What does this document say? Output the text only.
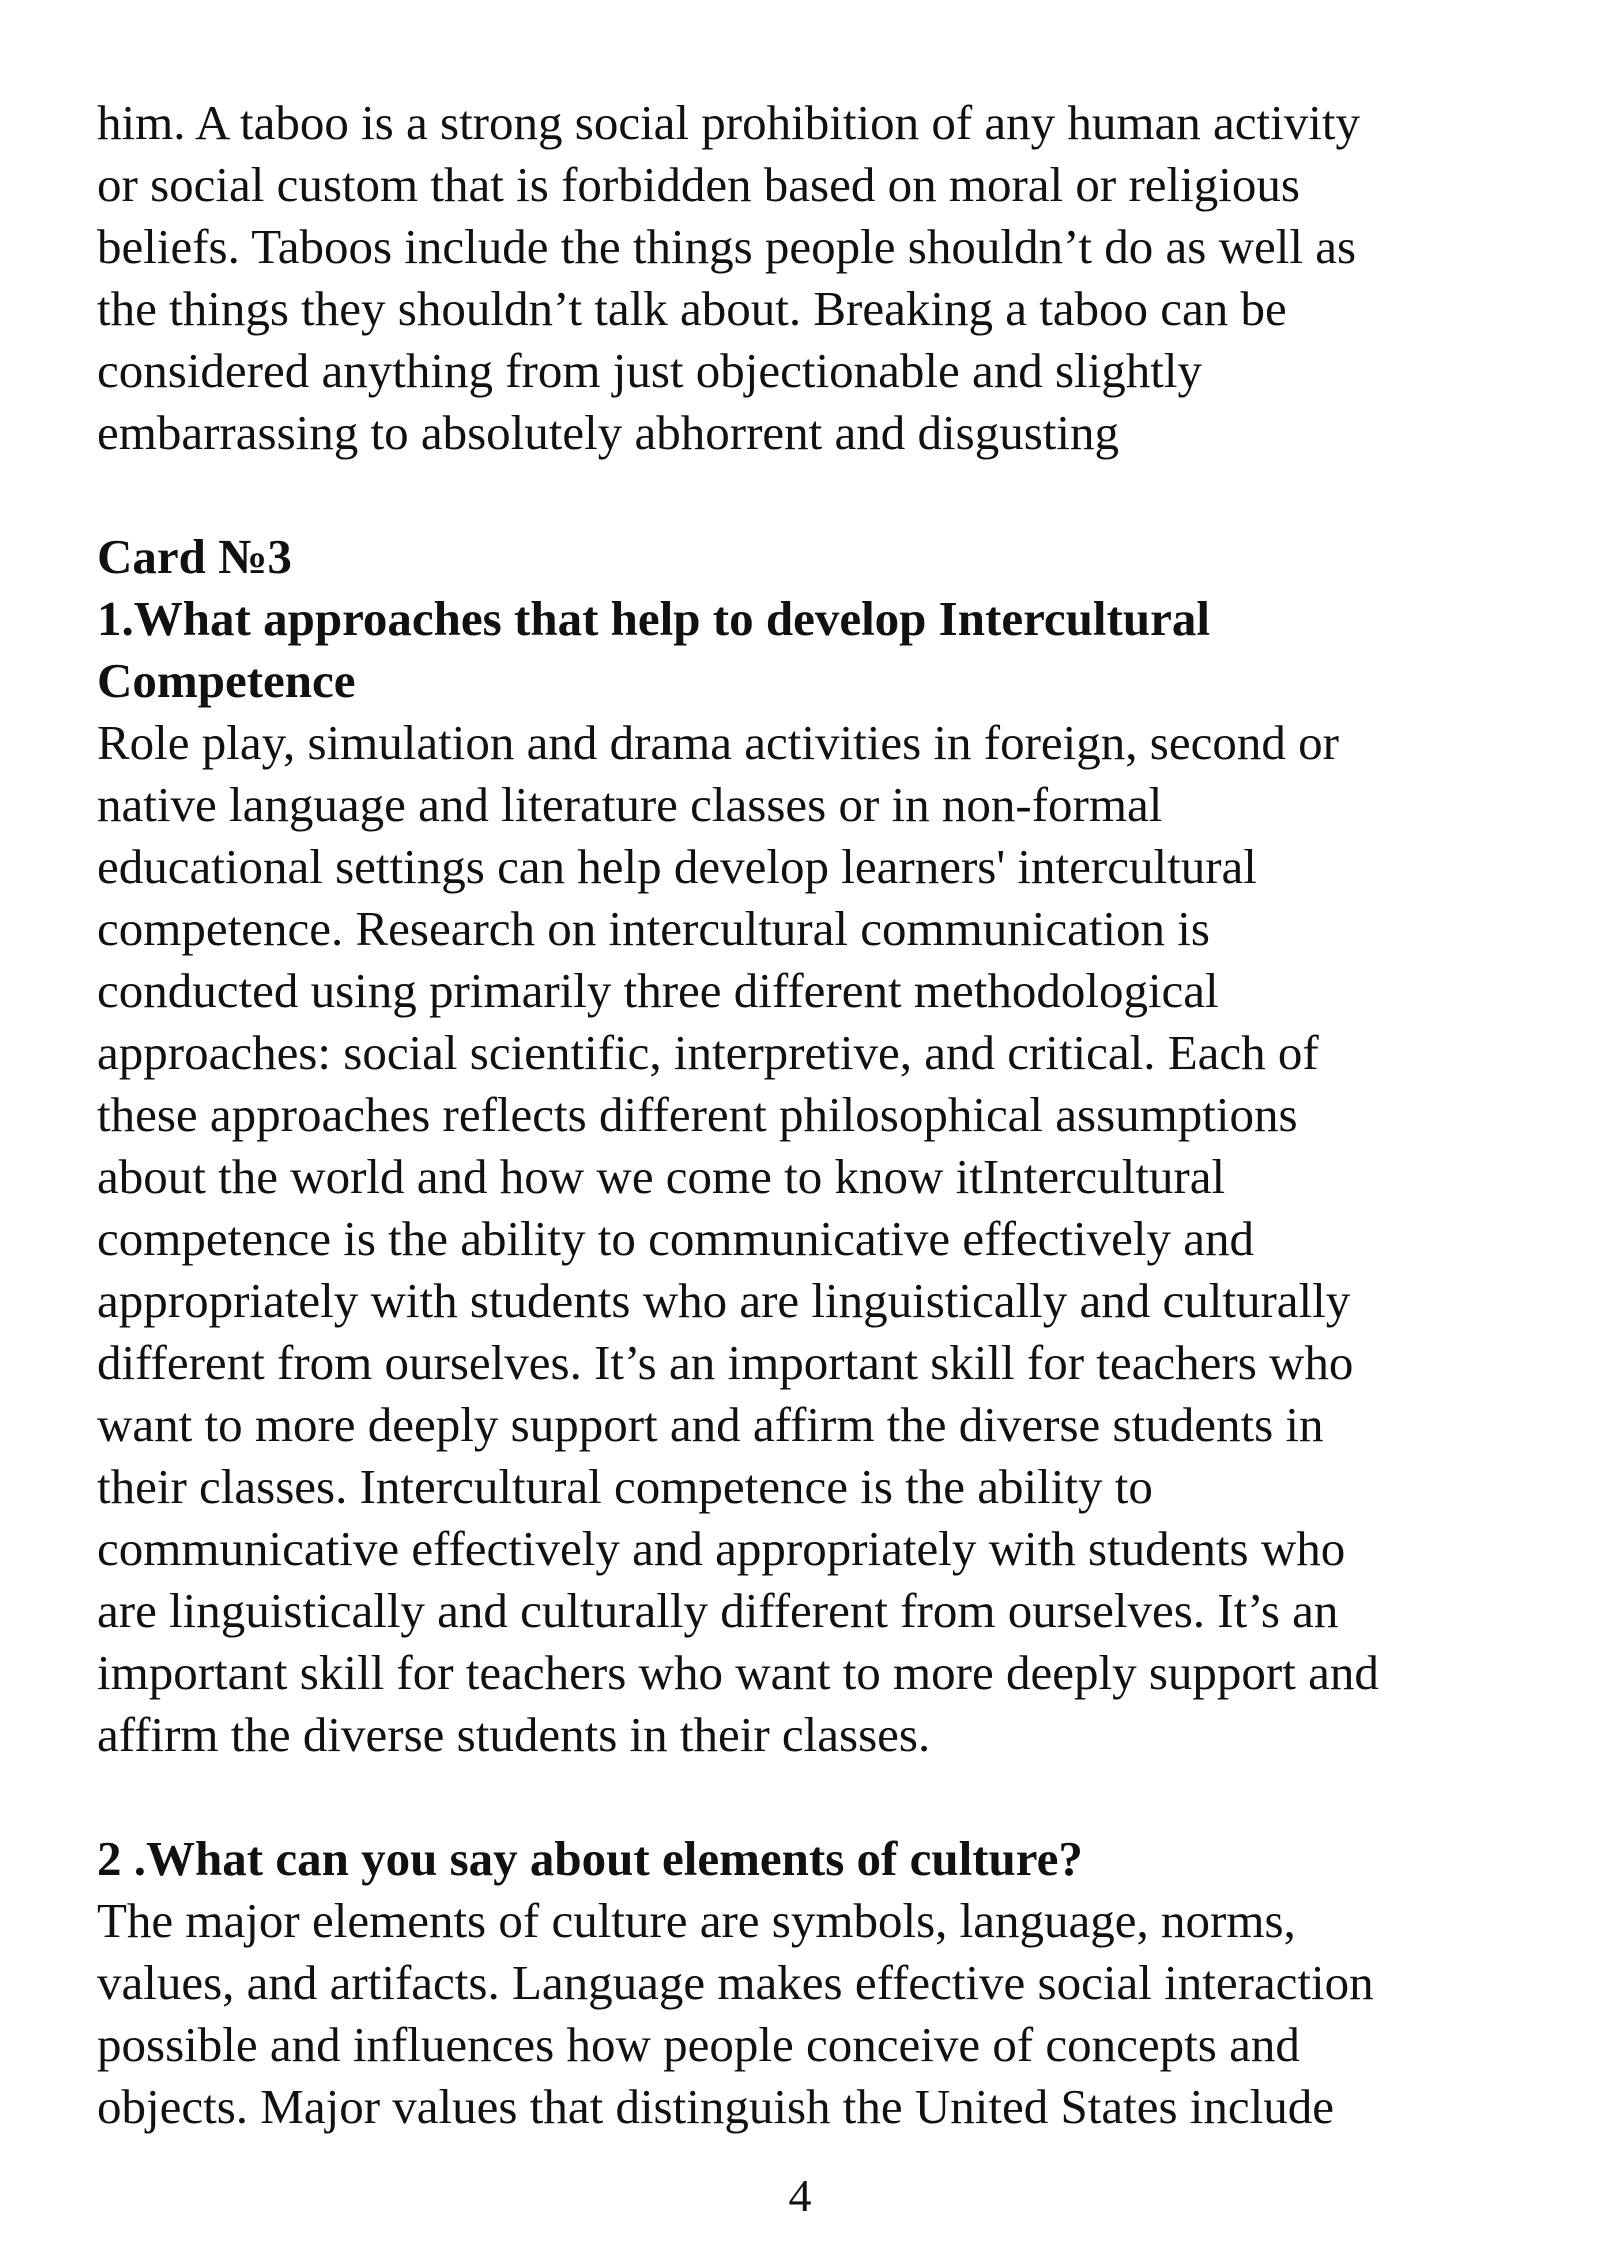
him. A taboo is a strong social prohibition of any human activity
or social custom that is forbidden based on moral or religious
beliefs. Taboos include the things people shouldn’t do as well as
the things they shouldn’t talk about. Breaking a taboo can be
considered anything from just objectionable and slightly
embarrassing to absolutely abhorrent and disgusting

Card №3

1.What approaches that help to develop Intercultural
Competence

Role play, simulation and drama activities in foreign, second or
native language and literature classes or in non-formal
educational settings can help develop learners' intercultural
competence. Research on intercultural communication is
conducted using primarily three different methodological
approaches: social scientific, interpretive, and critical. Each of
these approaches reflects different philosophical assumptions
about the world and how we come to know itIntercultural
competence is the ability to communicative effectively and
appropriately with students who are linguistically and culturally
different from ourselves. It’s an important skill for teachers who
want to more deeply support and affirm the diverse students in
their classes. Intercultural competence is the ability to
communicative effectively and appropriately with students who
are linguistically and culturally different from ourselves. It’s an
important skill for teachers who want to more deeply support and
affirm the diverse students in their classes.

2 .What can you say about elements of culture?

The major elements of culture are symbols, language, norms,
values, and artifacts. Language makes effective social interaction
possible and influences how people conceive of concepts and
objects. Major values that distinguish the United States include

4
